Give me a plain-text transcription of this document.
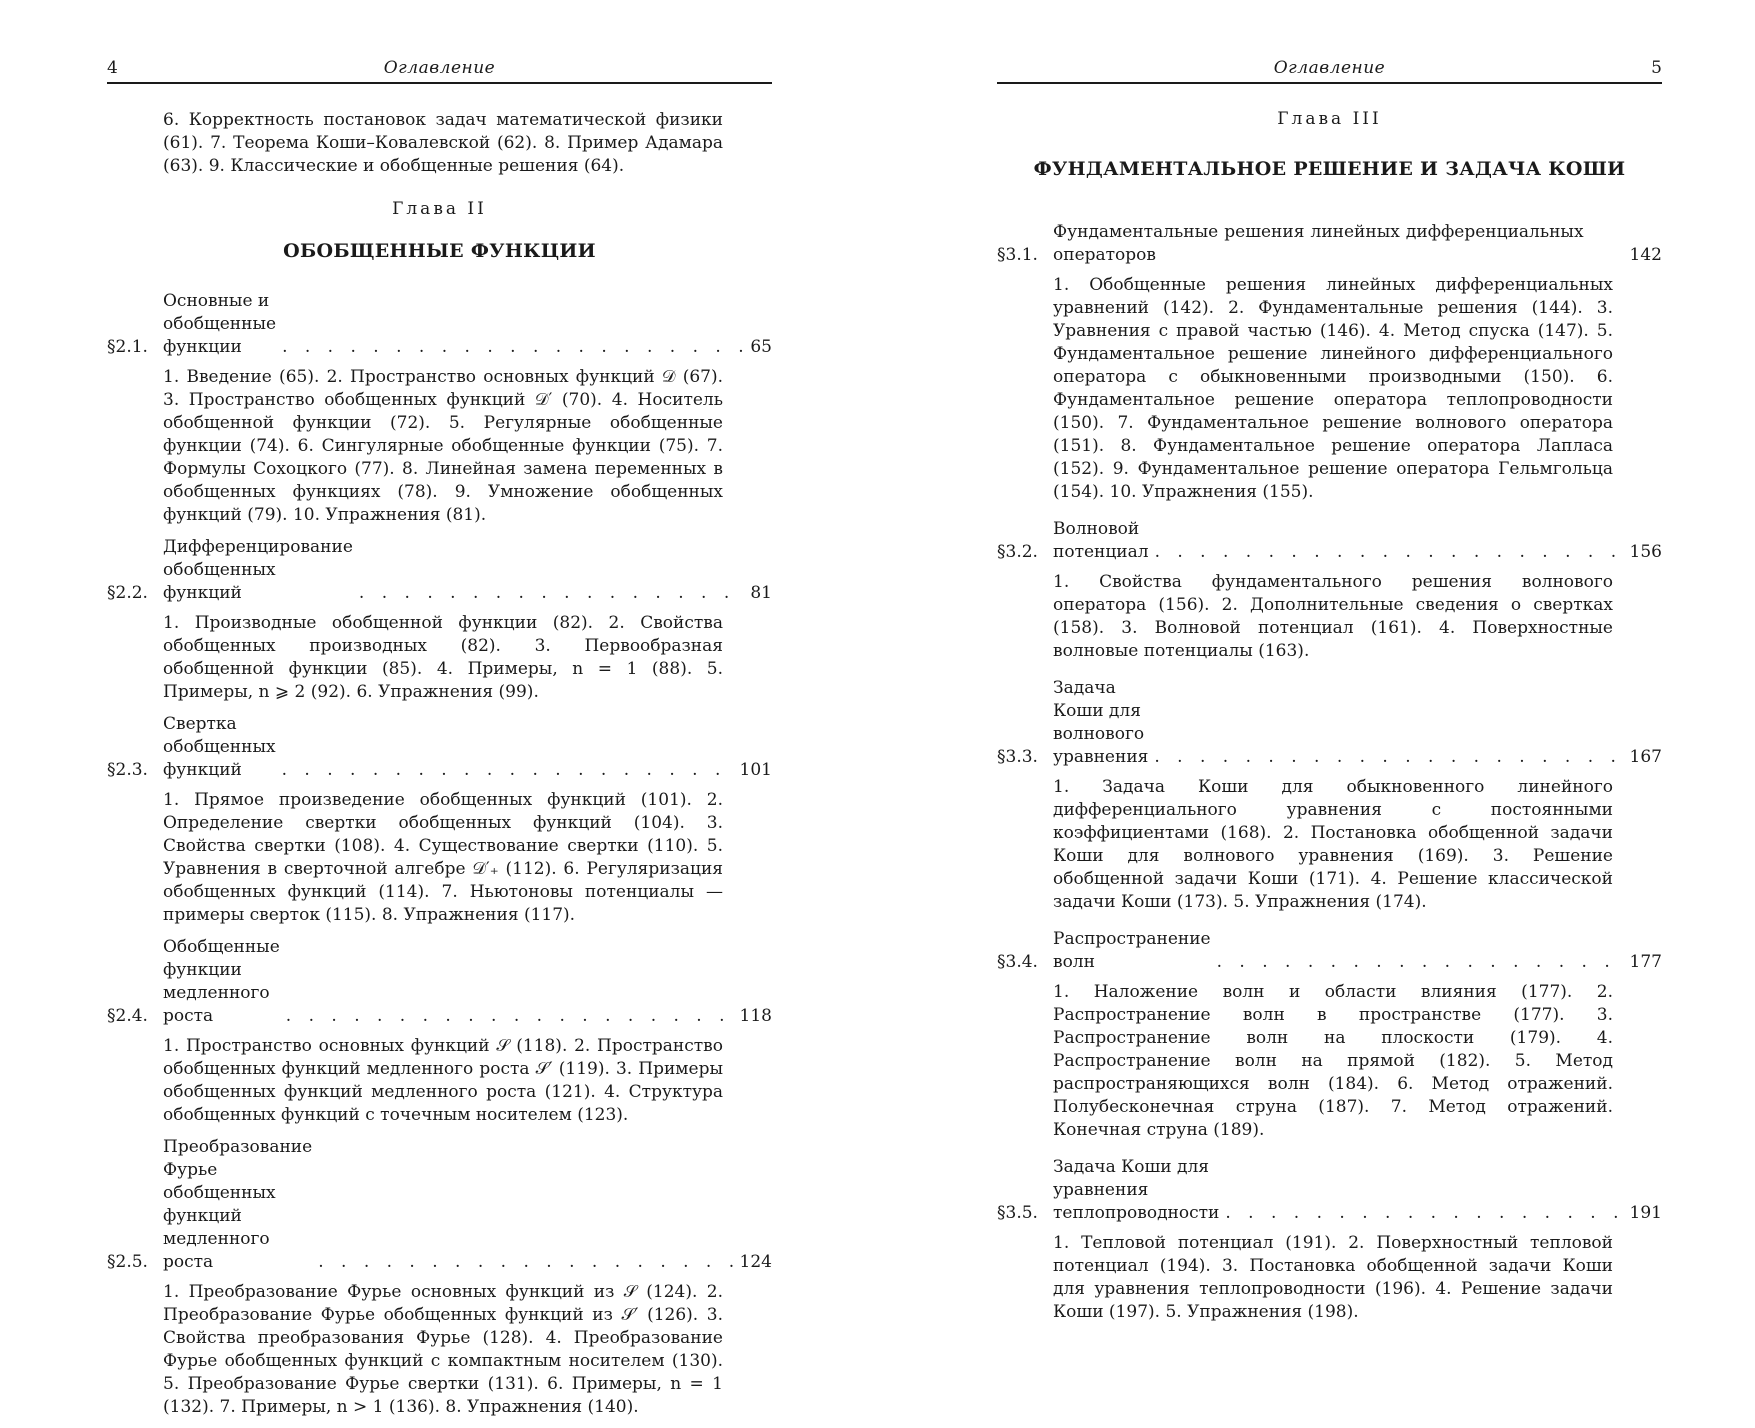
4	Оглавление

6. Корректность постановок задач математической физики (61). 7. Теорема Коши–Ковалевской (62). 8. Пример Адамара (63). 9. Классические и обобщенные решения (64).

Глава II
ОБОБЩЕННЫЕ ФУНКЦИИ
§2.1.
Основные и обобщенные функции . . .	65

1. Введение (65). 2. Пространство основных функций 𝒟 (67). 3. Пространство обобщенных функций 𝒟′ (70). 4. Носитель обобщенной функции (72). 5. Регулярные обобщенные функции (74). 6. Сингулярные обобщенные функции (75). 7. Формулы Сохоцкого (77). 8. Линейная замена переменных в обобщенных функциях (78). 9. Умножение обобщенных функций (79). 10. Упражнения (81).

§2.2.
Дифференцирование обобщенных функций . . .	81

1. Производные обобщенной функции (82). 2. Свойства обобщенных производных (82). 3. Первообразная обобщенной функции (85). 4. Примеры, n = 1 (88). 5. Примеры, n ⩾ 2 (92). 6. Упражнения (99).

§2.3.
Свертка обобщенных функций . . .	101

1. Прямое произведение обобщенных функций (101). 2. Определение свертки обобщенных функций (104). 3. Свойства свертки (108). 4. Существование свертки (110). 5. Уравнения в сверточной алгебре 𝒟′₊ (112). 6. Регуляризация обобщенных функций (114). 7. Ньютоновы потенциалы — примеры сверток (115). 8. Упражнения (117).

§2.4.
Обобщенные функции медленного роста . . .	118

1. Пространство основных функций 𝒮 (118). 2. Пространство обобщенных функций медленного роста 𝒮′ (119). 3. Примеры обобщенных функций медленного роста (121). 4. Структура обобщенных функций с точечным носителем (123).

§2.5.
Преобразование Фурье обобщенных функций медленного роста . . .	124

1. Преобразование Фурье основных функций из 𝒮 (124). 2. Преобразование Фурье обобщенных функций из 𝒮′ (126). 3. Свойства преобразования Фурье (128). 4. Преобразование Фурье обобщенных функций с компактным носителем (130). 5. Преобразование Фурье свертки (131). 6. Примеры, n = 1 (132). 7. Примеры, n > 1 (136). 8. Упражнения (140).

Оглавление	5
Глава III
ФУНДАМЕНТАЛЬНОЕ РЕШЕНИЕ И ЗАДАЧА КОШИ
§3.1.
Фундаментальные решения линейных дифференциальных операторов	142

1. Обобщенные решения линейных дифференциальных уравнений (142). 2. Фундаментальные решения (144). 3. Уравнения с правой частью (146). 4. Метод спуска (147). 5. Фундаментальное решение линейного дифференциального оператора с обыкновенными производными (150). 6. Фундаментальное решение оператора теплопроводности (150). 7. Фундаментальное решение волнового оператора (151). 8. Фундаментальное решение оператора Лапласа (152). 9. Фундаментальное решение оператора Гельмгольца (154). 10. Упражнения (155).

§3.2.
Волновой потенциал . . .	156

1. Свойства фундаментального решения волнового оператора (156). 2. Дополнительные сведения о свертках (158). 3. Волновой потенциал (161). 4. Поверхностные волновые потенциалы (163).

§3.3.
Задача Коши для волнового уравнения . . .	167

1. Задача Коши для обыкновенного линейного дифференциального уравнения с постоянными коэффициентами (168). 2. Постановка обобщенной задачи Коши для волнового уравнения (169). 3. Решение обобщенной задачи Коши (171). 4. Решение классической задачи Коши (173). 5. Упражнения (174).

§3.4.
Распространение волн . . .	177

1. Наложение волн и области влияния (177). 2. Распространение волн в пространстве (177). 3. Распространение волн на плоскости (179). 4. Распространение волн на прямой (182). 5. Метод распространяющихся волн (184). 6. Метод отражений. Полубесконечная струна (187). 7. Метод отражений. Конечная струна (189).

§3.5.
Задача Коши для уравнения теплопроводности . . .	191

1. Тепловой потенциал (191). 2. Поверхностный тепловой потенциал (194). 3. Постановка обобщенной задачи Коши для уравнения теплопроводности (196). 4. Решение задачи Коши (197). 5. Упражнения (198).
